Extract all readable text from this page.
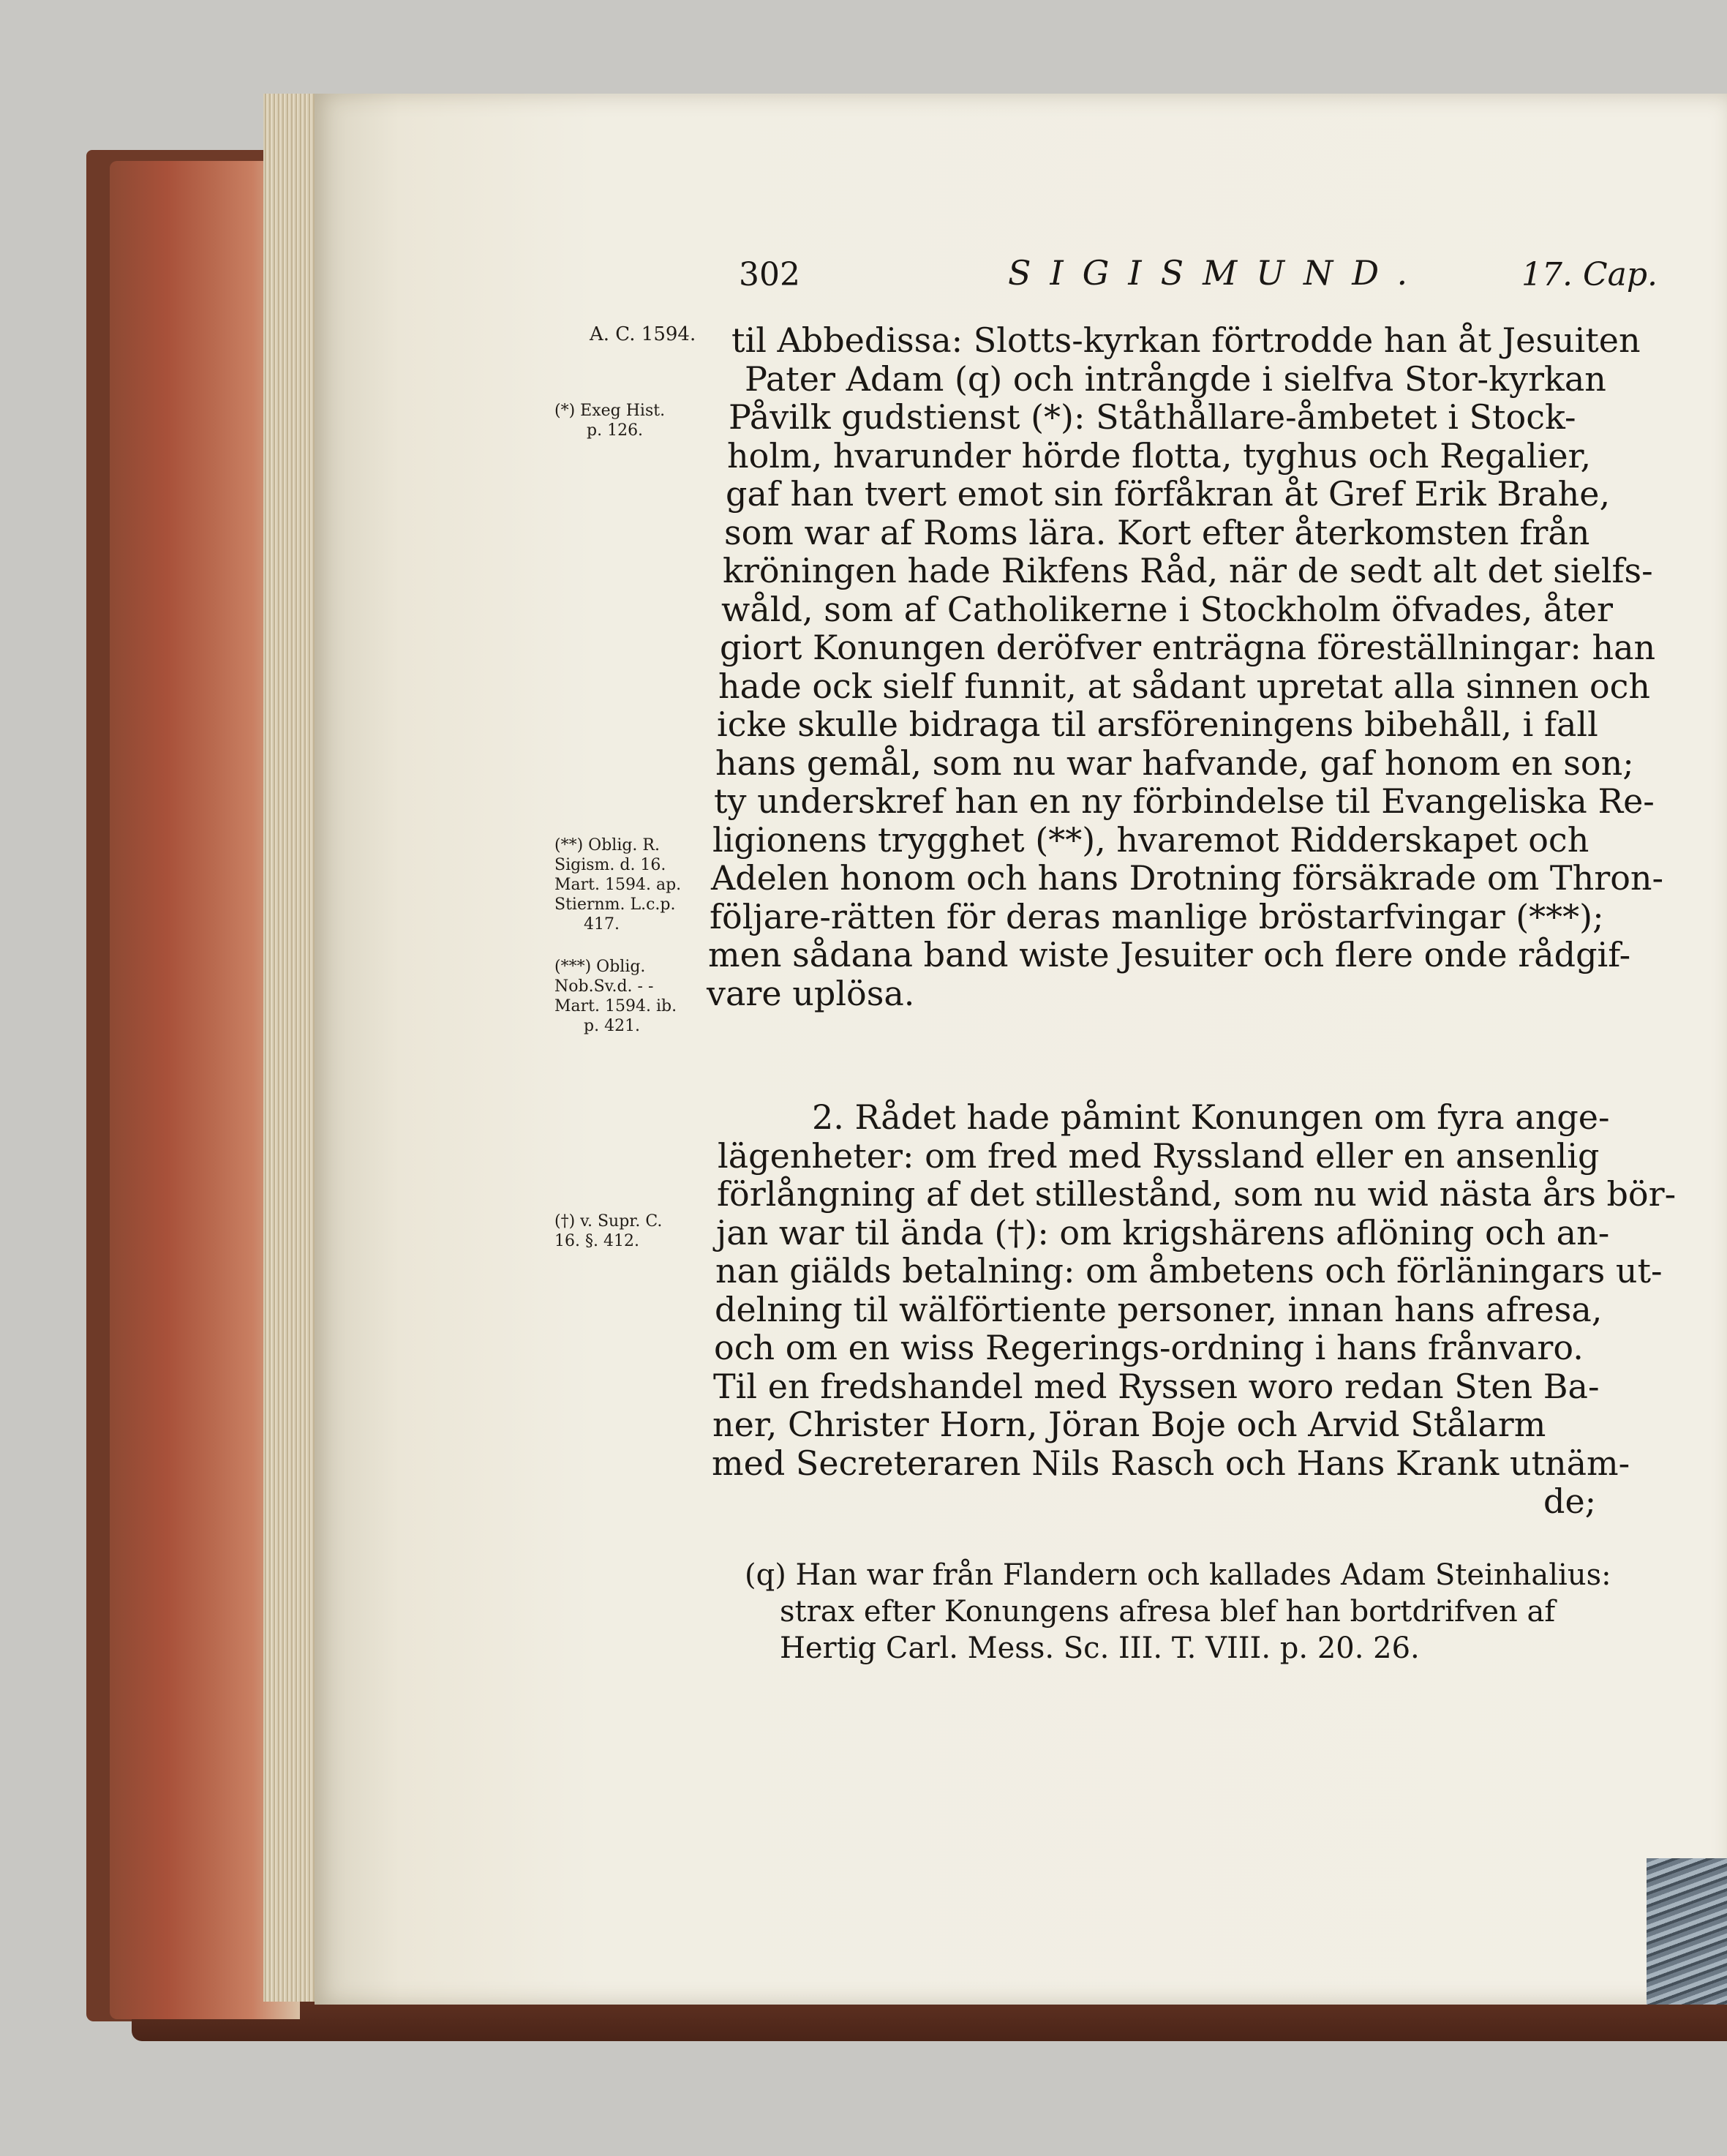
302	SIGISMUND.	17. Cap.
A. C. 1594. til Abbedissa: Slotts-kyrkan förtrodde han åt Jesuiten
Pater Adam (q) och intrångde i sielfva Stor-kyrkan
Påvilk gudstienst (*): Ståthållare-åmbetet i Stock-
holm, hvarunder hörde flotta, tyghus och Regalier,
gaf han tvert emot sin förfåkran åt Gref Erik Brahe,
som war af Roms lära. Kort efter återkomsten från
kröningen hade Rikfens Råd, när de sedt alt det sielfs-
wåld, som af Catholikerne i Stockholm öfvades, åter
giort Konungen deröfver enträgna föreställningar: han
hade ock sielf funnit, at sådant upretat alla sinnen och
icke skulle bidraga til arsföreningens bibehåll, i fall
hans gemål, som nu war hafvande, gaf honom en son;
ty underskref han en ny förbindelse til Evangeliska Re-
ligionens trygghet (**), hvaremot Ridderskapet och
Adelen honom och hans Drotning försäkrade om Thron-
följare-rätten för deras manlige bröstarfvingar (***);
men sådana band wiste Jesuiter och flere onde rådgif-
vare uplösa.
2. Rådet hade påmint Konungen om fyra ange-
lägenheter: om fred med Ryssland eller en ansenlig
förlångning af det stillestånd, som nu wid nästa års bör-
jan war til ända (†): om krigshärens aflöning och an-
nan giälds betalning: om åmbetens och förläningars ut-
delning til wälförtiente personer, innan hans afresa,
och om en wiss Regerings-ordning i hans frånvaro.
Til en fredshandel med Ryssen woro redan Sten Ba-
ner, Christer Horn, Jöran Boje och Arvid Stålarm
med Secreteraren Nils Rasch och Hans Krank utnäm-
de;
(*) Exeg Hist.
p. 126.
(**) Oblig. R.
Sigism. d. 16.
Mart. 1594. ap.
Stiernm. L.c.p.
417.
(***) Oblig.
Nob.Sv.d. - -
Mart. 1594. ib.
p. 421.
(†) v. Supr. C.
16. §. 412.
(q) Han war från Flandern och kallades Adam Steinhalius:
strax efter Konungens afresa blef han bortdrifven af
Hertig Carl. Mess. Sc. III. T. VIII. p. 20. 26.
